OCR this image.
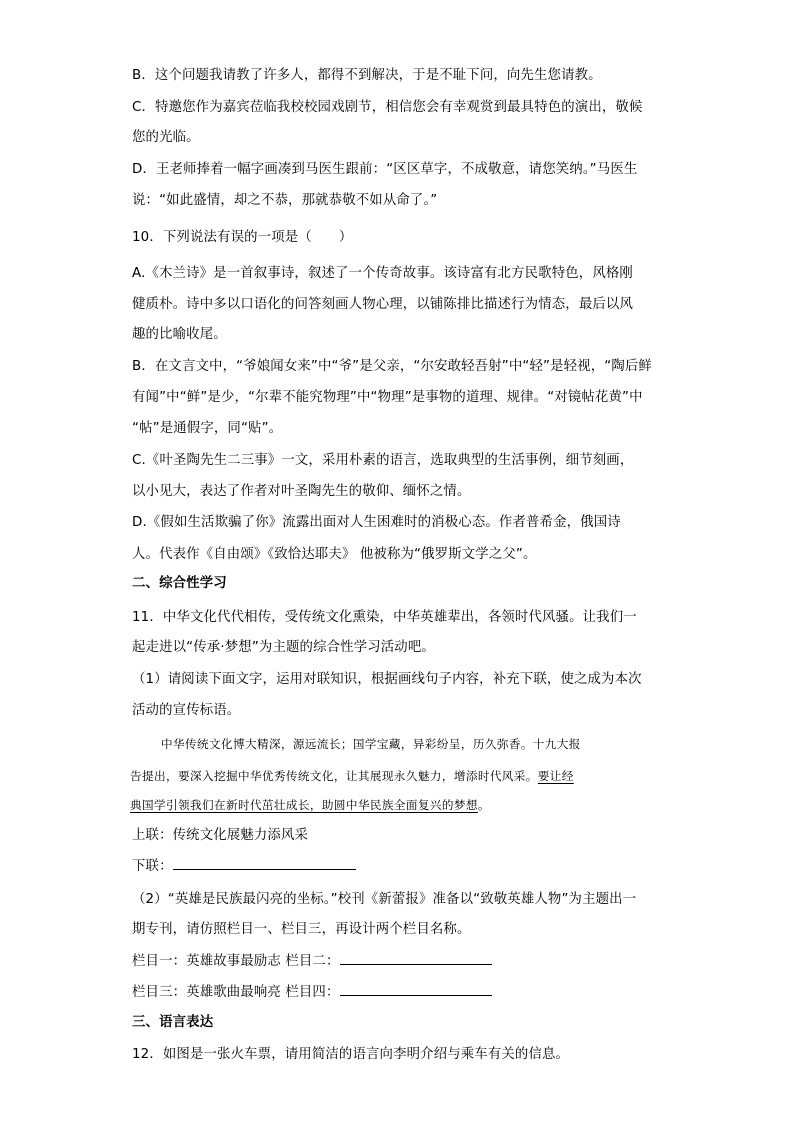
B．这个问题我请教了许多人，都得不到解决，于是不耻下问，向先生您请教。
C．特邀您作为嘉宾莅临我校校园戏剧节，相信您会有幸观赏到最具特色的演出，敬候
您的光临。
D．王老师捧着一幅字画凑到马医生跟前：“区区草字，不成敬意，请您笑纳。”马医生
说：“如此盛情，却之不恭，那就恭敬不如从命了。”
10．下列说法有误的一项是（　　）
A.《木兰诗》是一首叙事诗，叙述了一个传奇故事。该诗富有北方民歌特色，风格刚
健质朴。诗中多以口语化的问答刻画人物心理，以铺陈排比描述行为情态，最后以风
趣的比喻收尾。
B．在文言文中，“爷娘闻女来”中“爷”是父亲，“尔安敢轻吾射”中“轻”是轻视，“陶后鲜
有闻”中“鲜”是少，“尔辈不能究物理”中“物理”是事物的道理、规律。“对镜帖花黄”中
“帖”是通假字，同“贴”。
C.《叶圣陶先生二三事》一文，采用朴素的语言，选取典型的生活事例，细节刻画，
以小见大，表达了作者对叶圣陶先生的敬仰、缅怀之情。
D.《假如生活欺骗了你》流露出面对人生困难时的消极心态。作者普希金，俄国诗
人。代表作《自由颂》《致恰达耶夫》 他被称为“俄罗斯文学之父”。
二、综合性学习
11．中华文化代代相传，受传统文化熏染，中华英雄辈出，各领时代风骚。让我们一
起走进以“传承·梦想”为主题的综合性学习活动吧。
（1）请阅读下面文字，运用对联知识，根据画线句子内容，补充下联，使之成为本次
活动的宣传标语。
中华传统文化博大精深，源远流长；国学宝藏，异彩纷呈，历久弥香。十九大报
告提出，要深入挖掘中华优秀传统文化，让其展现永久魅力，增添时代风采。要让经
典国学引领我们在新时代茁壮成长，助圆中华民族全面复兴的梦想。
上联：传统文化展魅力添风采
下联：
（2）“英雄是民族最闪亮的坐标。”校刊《新蕾报》准备以“致敬英雄人物”为主题出一
期专刊，请仿照栏目一、栏目三，再设计两个栏目名称。
栏目一：英雄故事最励志 栏目二：
栏目三：英雄歌曲最响亮 栏目四：
三、语言表达
12．如图是一张火车票，请用简洁的语言向李明介绍与乘车有关的信息。
